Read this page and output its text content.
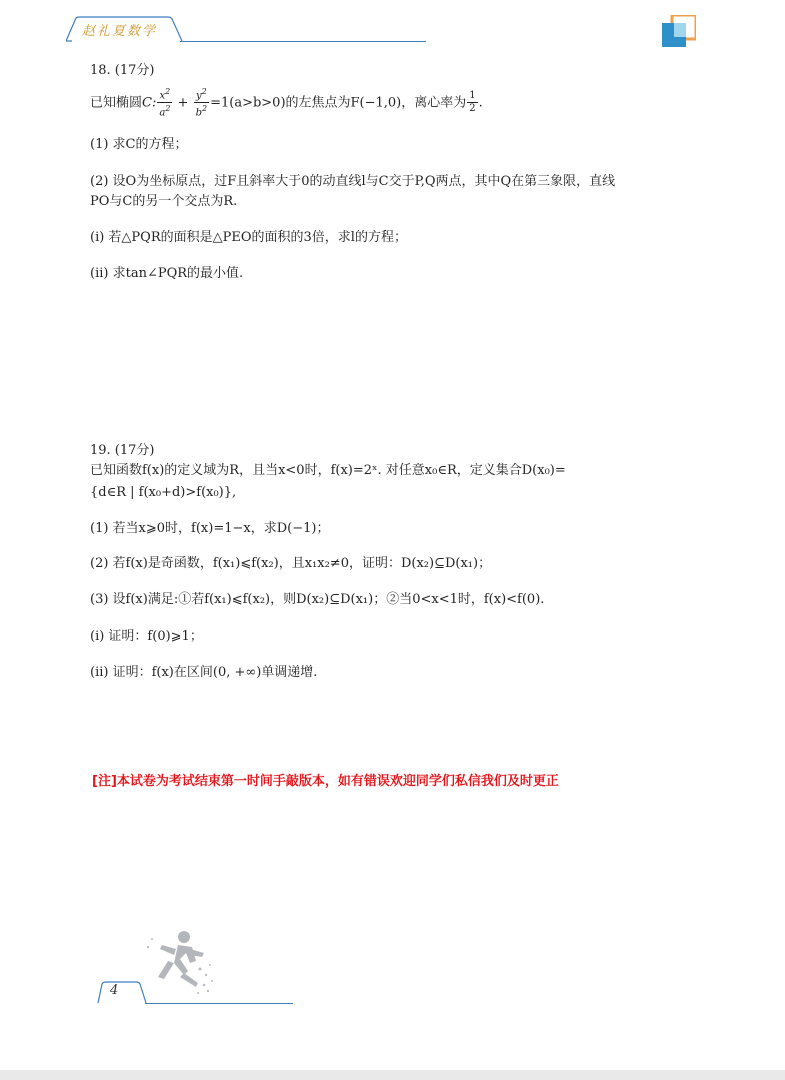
赵礼夏数学
18. (17分)
已知椭圆C: $\frac{x^2}{a^2} + \frac{y^2}{b^2} =1(a>b>0)$的左焦点为F(−1,0)，离心率为 $\frac{1}{2}$ .
(1) 求C的方程；
(2) 设O为坐标原点，过F且斜率大于0的动直线l与C交于P,Q两点，其中Q在第三象限，直线
PO与C的另一个交点为R.
(i) 若△PQR的面积是△PEO的面积的3倍，求l的方程；
(ii) 求tan∠PQR的最小值.
19. (17分)
已知函数f(x)的定义域为R，且当x<0时，f(x)=2ˣ. 对任意x₀∈R，定义集合D(x₀)=
{d∈R | f(x₀+d)>f(x₀)},
(1) 若当x⩾0时，f(x)=1−x，求D(−1)；
(2) 若f(x)是奇函数，f(x₁)⩽f(x₂)，且x₁x₂≠0，证明：D(x₂)⊆D(x₁)；
(3) 设f(x)满足:①若f(x₁)⩽f(x₂)，则D(x₂)⊆D(x₁)；②当0<x<1时，f(x)<f(0).
(i) 证明：f(0)⩾1；
(ii) 证明：f(x)在区间(0, +∞)单调递增.
[注]本试卷为考试结束第一时间手敲版本，如有错误欢迎同学们私信我们及时更正
4
